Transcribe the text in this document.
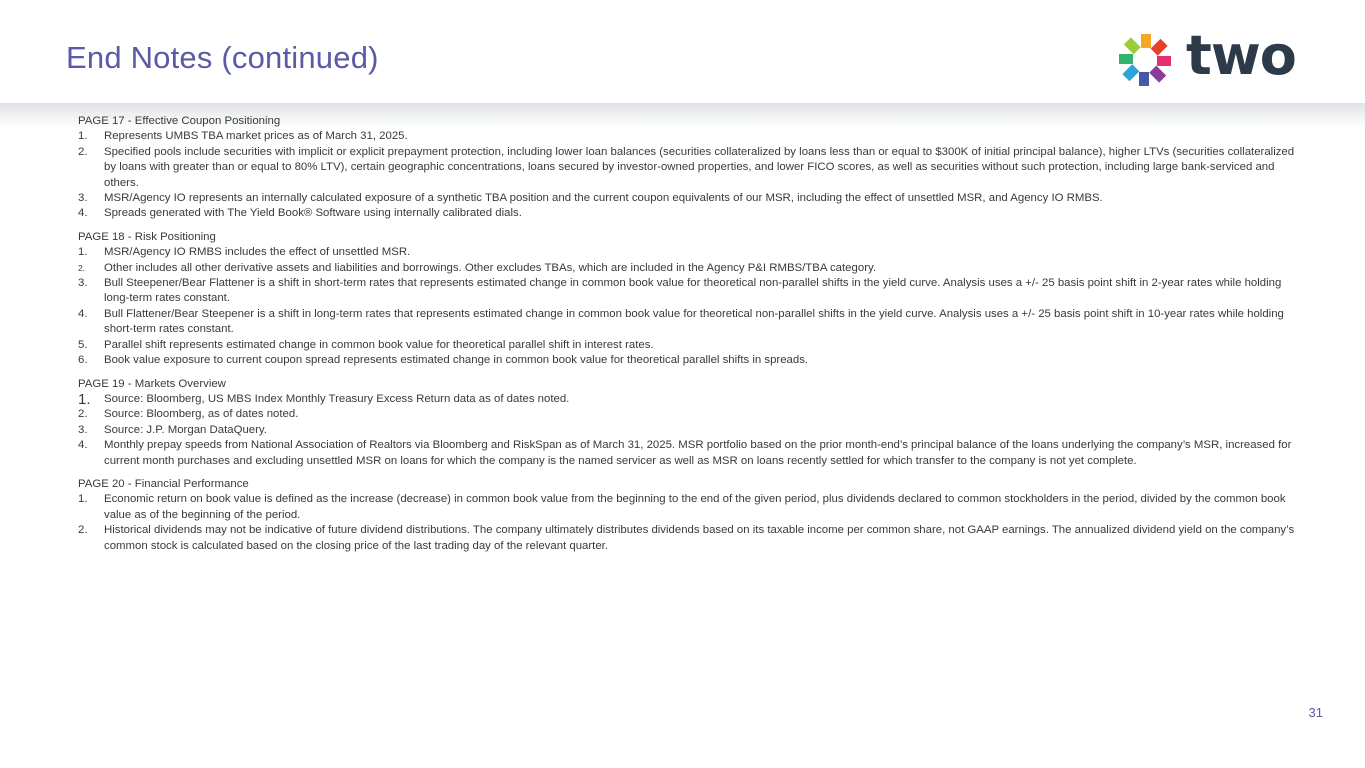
End Notes (continued)	two

PAGE 17 - Effective Coupon Positioning

1. Represents UMBS TBA market prices as of March 31, 2025.
2. Specified pools include securities with implicit or explicit prepayment protection, including lower loan balances (securities collateralized by loans less than or equal to $300K of initial principal balance), higher LTVs (securities collateralized by loans with greater than or equal to 80% LTV), certain geographic concentrations, loans secured by investor-owned properties, and lower FICO scores, as well as securities without such protection, including large bank-serviced and others.
3. MSR/Agency IO represents an internally calculated exposure of a synthetic TBA position and the current coupon equivalents of our MSR, including the effect of unsettled MSR, and Agency IO RMBS.
4. Spreads generated with The Yield Book® Software using internally calibrated dials.

PAGE 18 - Risk Positioning

1. MSR/Agency IO RMBS includes the effect of unsettled MSR.
2. Other includes all other derivative assets and liabilities and borrowings. Other excludes TBAs, which are included in the Agency P&I RMBS/TBA category.
3. Bull Steepener/Bear Flattener is a shift in short-term rates that represents estimated change in common book value for theoretical non-parallel shifts in the yield curve. Analysis uses a +/- 25 basis point shift in 2-year rates while holding long-term rates constant.
4. Bull Flattener/Bear Steepener is a shift in long-term rates that represents estimated change in common book value for theoretical non-parallel shifts in the yield curve. Analysis uses a +/- 25 basis point shift in 10-year rates while holding short-term rates constant.
5. Parallel shift represents estimated change in common book value for theoretical parallel shift in interest rates.
6. Book value exposure to current coupon spread represents estimated change in common book value for theoretical parallel shifts in spreads.

PAGE 19 - Markets Overview

1. Source: Bloomberg, US MBS Index Monthly Treasury Excess Return data as of dates noted.
2. Source: Bloomberg, as of dates noted.
3. Source: J.P. Morgan DataQuery.
4. Monthly prepay speeds from National Association of Realtors via Bloomberg and RiskSpan as of March 31, 2025. MSR portfolio based on the prior month-end’s principal balance of the loans underlying the company’s MSR, increased for current month purchases and excluding unsettled MSR on loans for which the company is the named servicer as well as MSR on loans recently settled for which transfer to the company is not yet complete.

PAGE 20 - Financial Performance

1. Economic return on book value is defined as the increase (decrease) in common book value from the beginning to the end of the given period, plus dividends declared to common stockholders in the period, divided by the common book value as of the beginning of the period.
2. Historical dividends may not be indicative of future dividend distributions. The company ultimately distributes dividends based on its taxable income per common share, not GAAP earnings. The annualized dividend yield on the company’s common stock is calculated based on the closing price of the last trading day of the relevant quarter.
31
